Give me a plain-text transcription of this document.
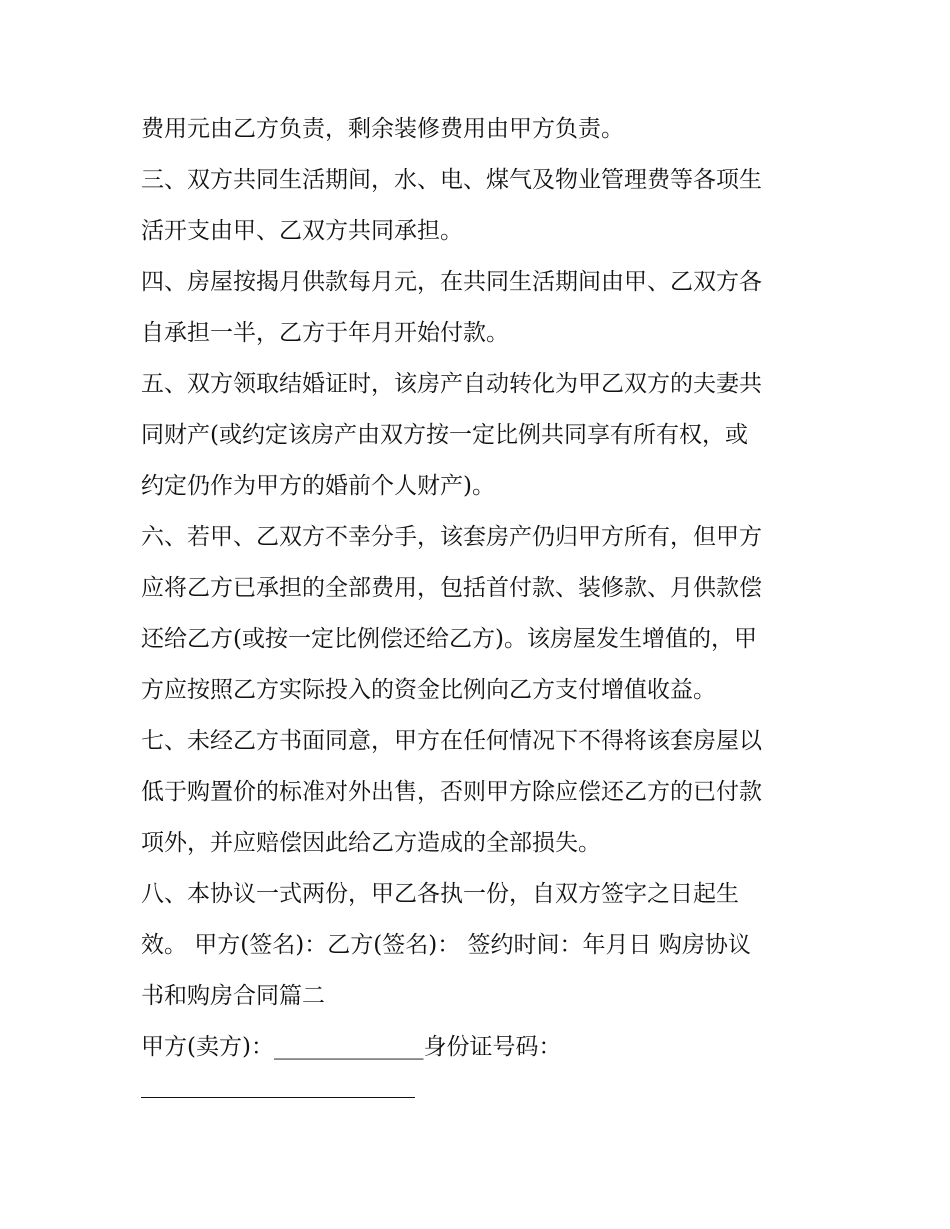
费用元由乙方负责，剩余装修费用由甲方负责。
三、双方共同生活期间，水、电、煤气及物业管理费等各项生
活开支由甲、乙双方共同承担。
四、房屋按揭月供款每月元，在共同生活期间由甲、乙双方各
自承担一半，乙方于年月开始付款。
五、双方领取结婚证时，该房产自动转化为甲乙双方的夫妻共
同财产(或约定该房产由双方按一定比例共同享有所有权，或
约定仍作为甲方的婚前个人财产)。
六、若甲、乙双方不幸分手，该套房产仍归甲方所有，但甲方
应将乙方已承担的全部费用，包括首付款、装修款、月供款偿
还给乙方(或按一定比例偿还给乙方)。该房屋发生增值的，甲
方应按照乙方实际投入的资金比例向乙方支付增值收益。
七、未经乙方书面同意，甲方在任何情况下不得将该套房屋以
低于购置价的标准对外出售，否则甲方除应偿还乙方的已付款
项外，并应赔偿因此给乙方造成的全部损失。
八、本协议一式两份，甲乙各执一份，自双方签字之日起生
效。 甲方(签名)：乙方(签名)： 签约时间：年月日 购房协议
书和购房合同篇二
甲方(卖方)：_____________身份证号码：
